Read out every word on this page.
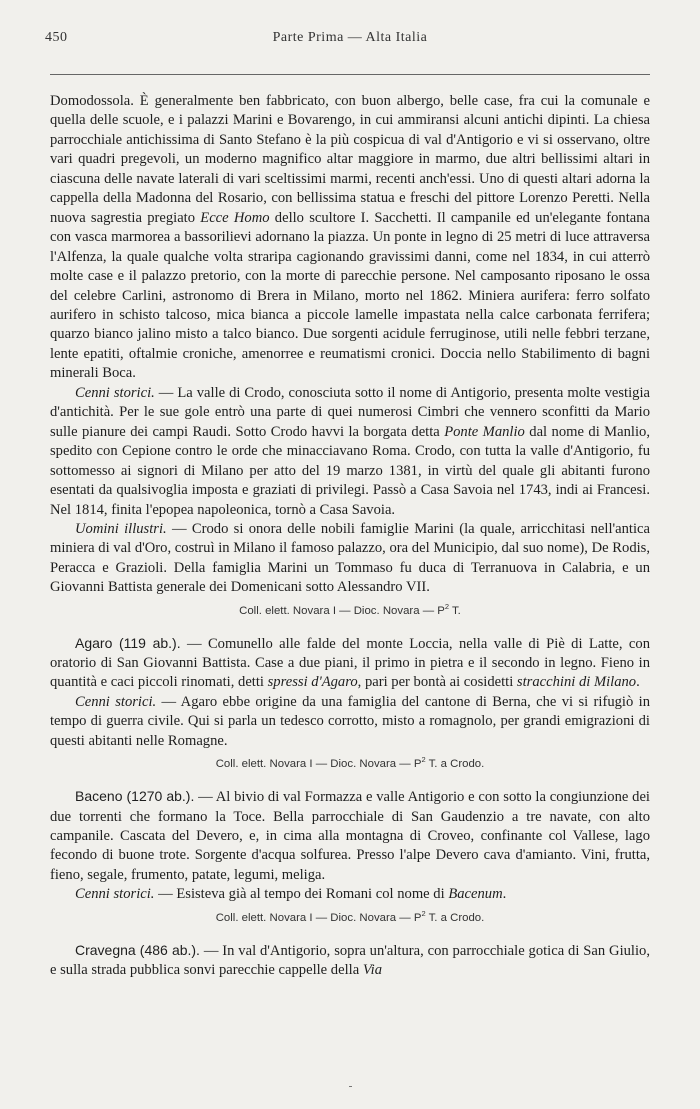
450	Parte Prima — Alta Italia

Domodossola. È generalmente ben fabbricato, con buon albergo, belle case, fra cui la comunale e quella delle scuole, e i palazzi Marini e Bovarengo, in cui ammiransi alcuni antichi dipinti. La chiesa parrocchiale antichissima di Santo Stefano è la più cospicua di val d'Antigorio e vi si osservano, oltre vari quadri pregevoli, un moderno magnifico altar maggiore in marmo, due altri bellissimi altari in ciascuna delle navate laterali di vari sceltissimi marmi, recenti anch'essi. Uno di questi altari adorna la cappella della Madonna del Rosario, con bellissima statua e freschi del pittore Lorenzo Peretti. Nella nuova sagrestia pregiato Ecce Homo dello scultore I. Sacchetti. Il campanile ed un'elegante fontana con vasca marmorea a bassorilievi adornano la piazza. Un ponte in legno di 25 metri di luce attraversa l'Alfenza, la quale qualche volta straripa cagionando gravissimi danni, come nel 1834, in cui atterrò molte case e il palazzo pretorio, con la morte di parecchie persone. Nel camposanto riposano le ossa del celebre Carlini, astronomo di Brera in Milano, morto nel 1862. Miniera aurifera: ferro solfato aurifero in schisto talcoso, mica bianca a piccole lamelle impastata nella calce carbonata ferrifera; quarzo bianco jalino misto a talco bianco. Due sorgenti acidule ferruginose, utili nelle febbri terzane, lente epatiti, oftalmie croniche, amenorree e reumatismi cronici. Doccia nello Stabilimento di bagni minerali Boca.

Cenni storici. — La valle di Crodo, conosciuta sotto il nome di Antigorio, presenta molte vestigia d'antichità. Per le sue gole entrò una parte di quei numerosi Cimbri che vennero sconfitti da Mario sulle pianure dei campi Raudi. Sotto Crodo havvi la borgata detta Ponte Manlio dal nome di Manlio, spedito con Cepione contro le orde che minacciavano Roma. Crodo, con tutta la valle d'Antigorio, fu sottomesso ai signori di Milano per atto del 19 marzo 1381, in virtù del quale gli abitanti furono esentati da qualsivoglia imposta e graziati di privilegi. Passò a Casa Savoia nel 1743, indi ai Francesi. Nel 1814, finita l'epopea napoleonica, tornò a Casa Savoia.

Uomini illustri. — Crodo si onora delle nobili famiglie Marini (la quale, arricchitasi nell'antica miniera di val d'Oro, costruì in Milano il famoso palazzo, ora del Municipio, dal suo nome), De Rodis, Peracca e Grazioli. Della famiglia Marini un Tommaso fu duca di Terranuova in Calabria, e un Giovanni Battista generale dei Domenicani sotto Alessandro VII.

Coll. elett. Novara I — Dioc. Novara — $P^2$ T.

Agaro (119 ab.). — Comunello alle falde del monte Loccia, nella valle di Piè di Latte, con oratorio di San Giovanni Battista. Case a due piani, il primo in pietra e il secondo in legno. Fieno in quantità e caci piccoli rinomati, detti spressi d'Agaro, pari per bontà ai cosidetti stracchini di Milano.

Cenni storici. — Agaro ebbe origine da una famiglia del cantone di Berna, che vi si rifugiò in tempo di guerra civile. Qui si parla un tedesco corrotto, misto a romagnolo, per grandi emigrazioni di questi abitanti nelle Romagne.

Coll. elett. Novara I — Dioc. Novara — $P^2$ T. a Crodo.

Baceno (1270 ab.). — Al bivio di val Formazza e valle Antigorio e con sotto la congiunzione dei due torrenti che formano la Toce. Bella parrocchiale di San Gaudenzio a tre navate, con alto campanile. Cascata del Devero, e, in cima alla montagna di Croveo, confinante col Vallese, lago fecondo di buone trote. Sorgente d'acqua solfurea. Presso l'alpe Devero cava d'amianto. Vini, frutta, fieno, segale, frumento, patate, legumi, meliga.

Cenni storici. — Esisteva già al tempo dei Romani col nome di Bacenum.

Coll. elett. Novara I — Dioc. Novara — $P^2$ T. a Crodo.

Cravegna (486 ab.). — In val d'Antigorio, sopra un'altura, con parrocchiale gotica di San Giulio, e sulla strada pubblica sonvi parecchie cappelle della Via
